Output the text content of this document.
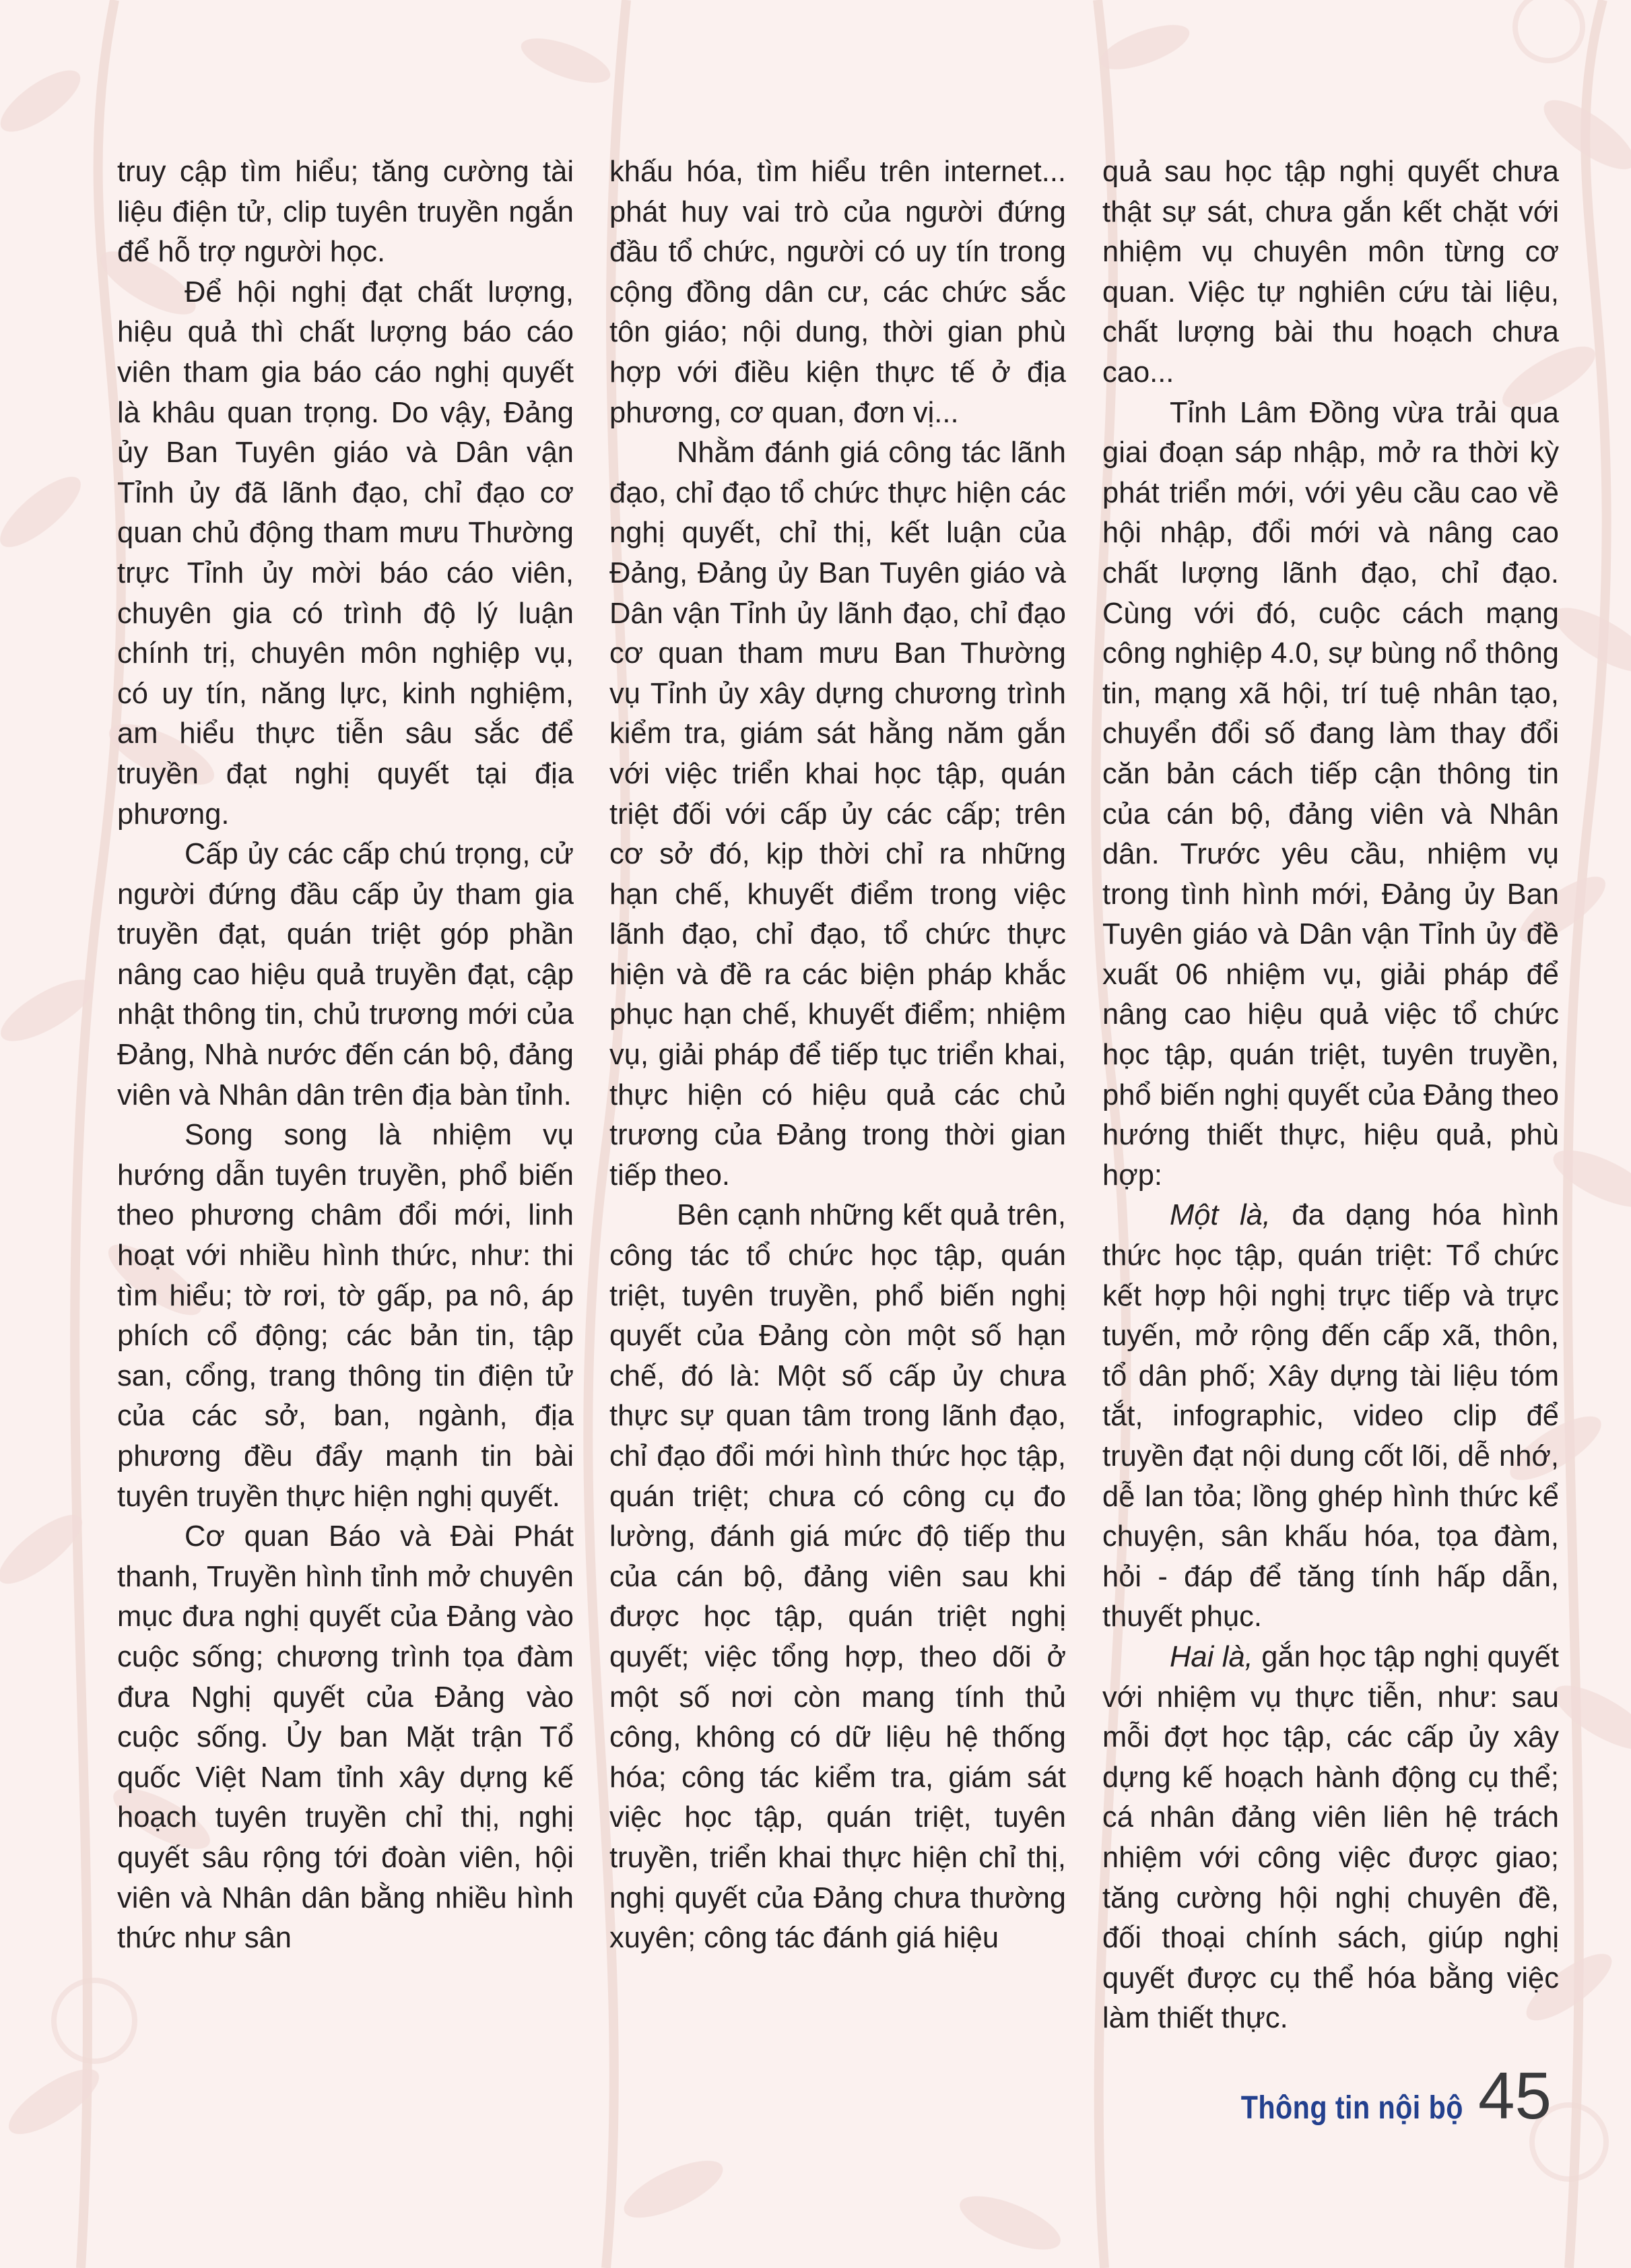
truy cập tìm hiểu; tăng cường tài liệu điện tử, clip tuyên truyền ngắn để hỗ trợ người học.

Để hội nghị đạt chất lượng, hiệu quả thì chất lượng báo cáo viên tham gia báo cáo nghị quyết là khâu quan trọng. Do vậy, Đảng ủy Ban Tuyên giáo và Dân vận Tỉnh ủy đã lãnh đạo, chỉ đạo cơ quan chủ động tham mưu Thường trực Tỉnh ủy mời báo cáo viên, chuyên gia có trình độ lý luận chính trị, chuyên môn nghiệp vụ, có uy tín, năng lực, kinh nghiệm, am hiểu thực tiễn sâu sắc để truyền đạt nghị quyết tại địa phương.

Cấp ủy các cấp chú trọng, cử người đứng đầu cấp ủy tham gia truyền đạt, quán triệt góp phần nâng cao hiệu quả truyền đạt, cập nhật thông tin, chủ trương mới của Đảng, Nhà nước đến cán bộ, đảng viên và Nhân dân trên địa bàn tỉnh.

Song song là nhiệm vụ hướng dẫn tuyên truyền, phổ biến theo phương châm đổi mới, linh hoạt với nhiều hình thức, như: thi tìm hiểu; tờ rơi, tờ gấp, pa nô, áp phích cổ động; các bản tin, tập san, cổng, trang thông tin điện tử của các sở, ban, ngành, địa phương đều đẩy mạnh tin bài tuyên truyền thực hiện nghị quyết.

Cơ quan Báo và Đài Phát thanh, Truyền hình tỉnh mở chuyên mục đưa nghị quyết của Đảng vào cuộc sống; chương trình tọa đàm đưa Nghị quyết của Đảng vào cuộc sống. Ủy ban Mặt trận Tổ quốc Việt Nam tỉnh xây dựng kế hoạch tuyên truyền chỉ thị, nghị quyết sâu rộng tới đoàn viên, hội viên và Nhân dân bằng nhiều hình thức như sân

khấu hóa, tìm hiểu trên internet... phát huy vai trò của người đứng đầu tổ chức, người có uy tín trong cộng đồng dân cư, các chức sắc tôn giáo; nội dung, thời gian phù hợp với điều kiện thực tế ở địa phương, cơ quan, đơn vị...

Nhằm đánh giá công tác lãnh đạo, chỉ đạo tổ chức thực hiện các nghị quyết, chỉ thị, kết luận của Đảng, Đảng ủy Ban Tuyên giáo và Dân vận Tỉnh ủy lãnh đạo, chỉ đạo cơ quan tham mưu Ban Thường vụ Tỉnh ủy xây dựng chương trình kiểm tra, giám sát hằng năm gắn với việc triển khai học tập, quán triệt đối với cấp ủy các cấp; trên cơ sở đó, kịp thời chỉ ra những hạn chế, khuyết điểm trong việc lãnh đạo, chỉ đạo, tổ chức thực hiện và đề ra các biện pháp khắc phục hạn chế, khuyết điểm; nhiệm vụ, giải pháp để tiếp tục triển khai, thực hiện có hiệu quả các chủ trương của Đảng trong thời gian tiếp theo.

Bên cạnh những kết quả trên, công tác tổ chức học tập, quán triệt, tuyên truyền, phổ biến nghị quyết của Đảng còn một số hạn chế, đó là: Một số cấp ủy chưa thực sự quan tâm trong lãnh đạo, chỉ đạo đổi mới hình thức học tập, quán triệt; chưa có công cụ đo lường, đánh giá mức độ tiếp thu của cán bộ, đảng viên sau khi được học tập, quán triệt nghị quyết; việc tổng hợp, theo dõi ở một số nơi còn mang tính thủ công, không có dữ liệu hệ thống hóa; công tác kiểm tra, giám sát việc học tập, quán triệt, tuyên truyền, triển khai thực hiện chỉ thị, nghị quyết của Đảng chưa thường xuyên; công tác đánh giá hiệu

quả sau học tập nghị quyết chưa thật sự sát, chưa gắn kết chặt với nhiệm vụ chuyên môn từng cơ quan. Việc tự nghiên cứu tài liệu, chất lượng bài thu hoạch chưa cao...

Tỉnh Lâm Đồng vừa trải qua giai đoạn sáp nhập, mở ra thời kỳ phát triển mới, với yêu cầu cao về hội nhập, đổi mới và nâng cao chất lượng lãnh đạo, chỉ đạo. Cùng với đó, cuộc cách mạng công nghiệp 4.0, sự bùng nổ thông tin, mạng xã hội, trí tuệ nhân tạo, chuyển đổi số đang làm thay đổi căn bản cách tiếp cận thông tin của cán bộ, đảng viên và Nhân dân. Trước yêu cầu, nhiệm vụ trong tình hình mới, Đảng ủy Ban Tuyên giáo và Dân vận Tỉnh ủy đề xuất 06 nhiệm vụ, giải pháp để nâng cao hiệu quả việc tổ chức học tập, quán triệt, tuyên truyền, phổ biến nghị quyết của Đảng theo hướng thiết thực, hiệu quả, phù hợp:

Một là, đa dạng hóa hình thức học tập, quán triệt: Tổ chức kết hợp hội nghị trực tiếp và trực tuyến, mở rộng đến cấp xã, thôn, tổ dân phố; Xây dựng tài liệu tóm tắt, infographic, video clip để truyền đạt nội dung cốt lõi, dễ nhớ, dễ lan tỏa; lồng ghép hình thức kể chuyện, sân khấu hóa, tọa đàm, hỏi - đáp để tăng tính hấp dẫn, thuyết phục.

Hai là, gắn học tập nghị quyết với nhiệm vụ thực tiễn, như: sau mỗi đợt học tập, các cấp ủy xây dựng kế hoạch hành động cụ thể; cá nhân đảng viên liên hệ trách nhiệm với công việc được giao; tăng cường hội nghị chuyên đề, đối thoại chính sách, giúp nghị quyết được cụ thể hóa bằng việc làm thiết thực.

Thông tin nội bộ 45
